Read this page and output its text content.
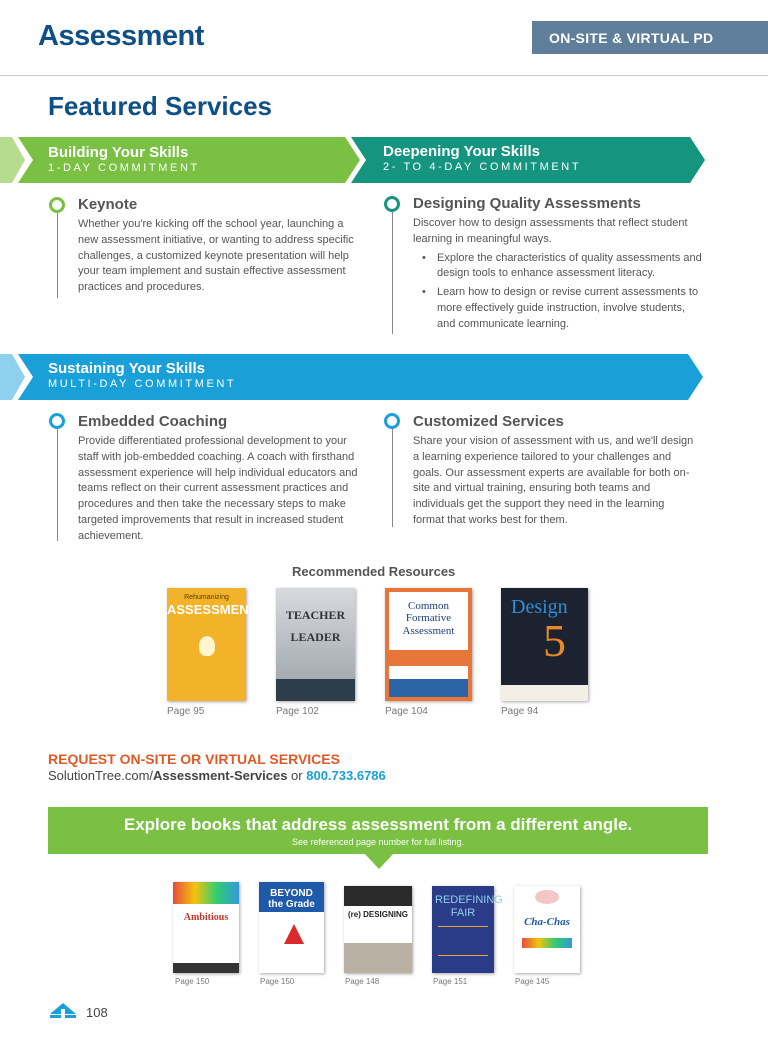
Assessment	ON-SITE & VIRTUAL PD
Featured Services
Building Your Skills
1-DAY COMMITMENT
Deepening Your Skills
2- TO 4-DAY COMMITMENT
Keynote
Whether you're kicking off the school year, launching a new assessment initiative, or wanting to address specific challenges, a customized keynote presentation will help your team implement and sustain effective assessment practices and procedures.
Designing Quality Assessments
Discover how to design assessments that reflect student learning in meaningful ways.
• Explore the characteristics of quality assessments and design tools to enhance assessment literacy.
• Learn how to design or revise current assessments to more effectively guide instruction, involve students, and communicate learning.
Sustaining Your Skills
MULTI-DAY COMMITMENT
Embedded Coaching
Provide differentiated professional development to your staff with job-embedded coaching. A coach with firsthand assessment experience will help individual educators and teams reflect on their current assessment practices and procedures and then take the necessary steps to make targeted improvements that result in increased student achievement.
Customized Services
Share your vision of assessment with us, and we'll design a learning experience tailored to your challenges and goals. Our assessment experts are available for both on-site and virtual training, ensuring both teams and individuals get the support they need in the learning format that works best for them.
Recommended Resources
Rehumanizing
ASSESSMENT
Page 95
TEACHER
LEADER
Page 102
Common Formative
Assessment
Page 104
Design
5
Page 94
REQUEST ON-SITE OR VIRTUAL SERVICES
SolutionTree.com/Assessment-Services or 800.733.6786
Explore books that address assessment from a different angle.
See referenced page number for full listing.
Ambitious
Page 150
BEYOND the Grade
Page 150
(re) DESIGNING
Page 148
REDEFINING FAIR
Page 151
Cha-Chas
Page 145
108
